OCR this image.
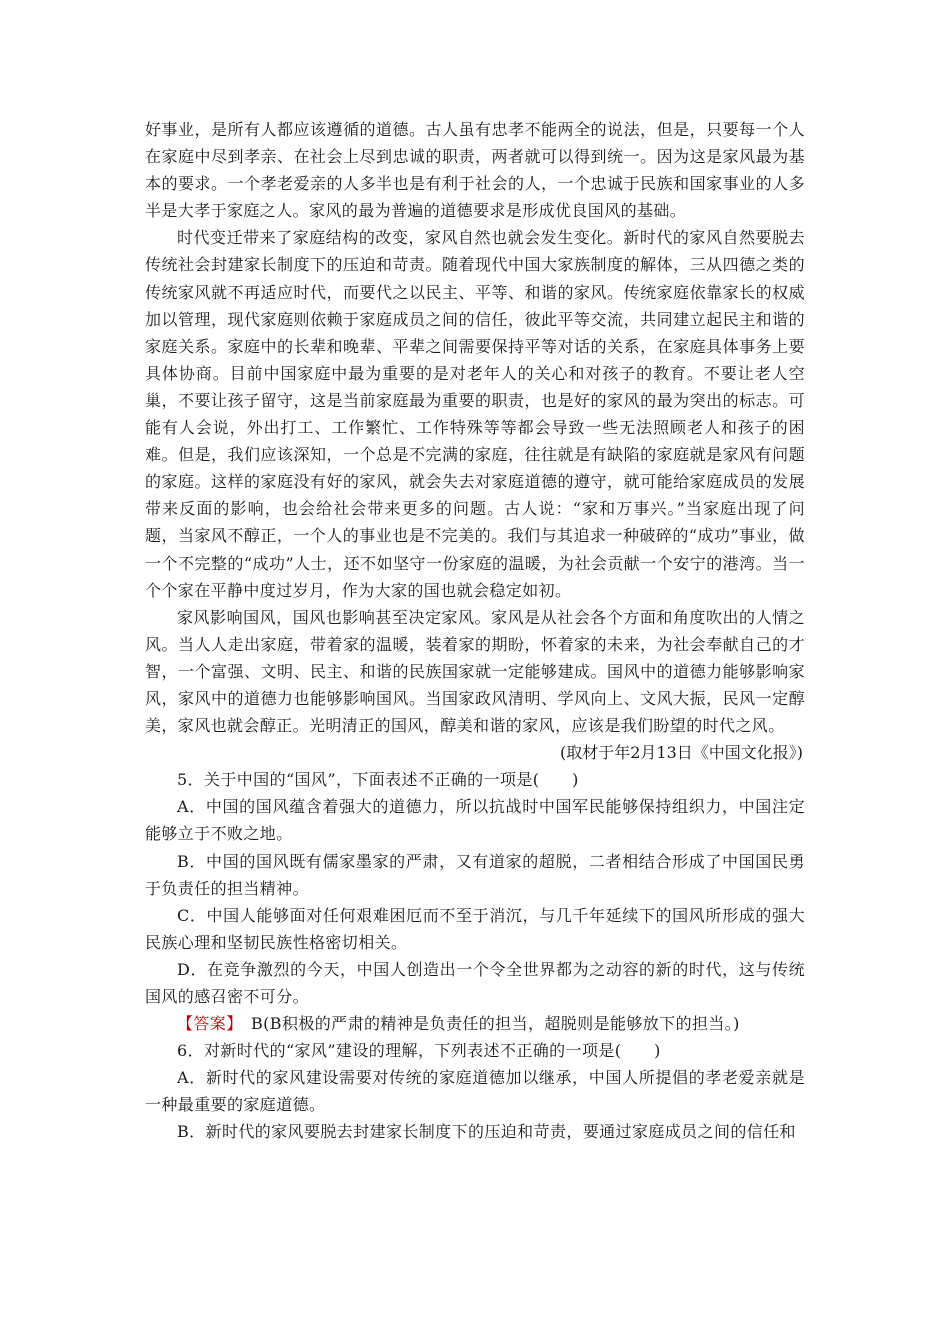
好事业，是所有人都应该遵循的道德。古人虽有忠孝不能两全的说法，但是，只要每一个人在家庭中尽到孝亲、在社会上尽到忠诚的职责，两者就可以得到统一。因为这是家风最为基本的要求。一个孝老爱亲的人多半也是有利于社会的人，一个忠诚于民族和国家事业的人多半是大孝于家庭之人。家风的最为普遍的道德要求是形成优良国风的基础。

时代变迁带来了家庭结构的改变，家风自然也就会发生变化。新时代的家风自然要脱去传统社会封建家长制度下的压迫和苛责。随着现代中国大家族制度的解体，三从四德之类的传统家风就不再适应时代，而要代之以民主、平等、和谐的家风。传统家庭依靠家长的权威加以管理，现代家庭则依赖于家庭成员之间的信任，彼此平等交流，共同建立起民主和谐的家庭关系。家庭中的长辈和晚辈、平辈之间需要保持平等对话的关系，在家庭具体事务上要具体协商。目前中国家庭中最为重要的是对老年人的关心和对孩子的教育。不要让老人空巢，不要让孩子留守，这是当前家庭最为重要的职责，也是好的家风的最为突出的标志。可能有人会说，外出打工、工作繁忙、工作特殊等等都会导致一些无法照顾老人和孩子的困难。但是，我们应该深知，一个总是不完满的家庭，往往就是有缺陷的家庭就是家风有问题的家庭。这样的家庭没有好的家风，就会失去对家庭道德的遵守，就可能给家庭成员的发展带来反面的影响，也会给社会带来更多的问题。古人说：“家和万事兴。”当家庭出现了问题，当家风不醇正，一个人的事业也是不完美的。我们与其追求一种破碎的“成功”事业，做一个不完整的“成功”人士，还不如坚守一份家庭的温暖，为社会贡献一个安宁的港湾。当一个个家在平静中度过岁月，作为大家的国也就会稳定如初。

家风影响国风，国风也影响甚至决定家风。家风是从社会各个方面和角度吹出的人情之风。当人人走出家庭，带着家的温暖，装着家的期盼，怀着家的未来，为社会奉献自己的才智，一个富强、文明、民主、和谐的民族国家就一定能够建成。国风中的道德力能够影响家风，家风中的道德力也能够影响国风。当国家政风清明、学风向上、文风大振，民风一定醇美，家风也就会醇正。光明清正的国风，醇美和谐的家风，应该是我们盼望的时代之风。

(取材于年2月13日《中国文化报》)

5．关于中国的“国风”，下面表述不正确的一项是(　　)

A．中国的国风蕴含着强大的道德力，所以抗战时中国军民能够保持组织力，中国注定能够立于不败之地。

B．中国的国风既有儒家墨家的严肃，又有道家的超脱，二者相结合形成了中国国民勇于负责任的担当精神。

C．中国人能够面对任何艰难困厄而不至于消沉，与几千年延续下的国风所形成的强大民族心理和坚韧民族性格密切相关。

D．在竞争激烈的今天，中国人创造出一个令全世界都为之动容的新的时代，这与传统国风的感召密不可分。

【答案】　B(B积极的严肃的精神是负责任的担当，超脱则是能够放下的担当。)

6．对新时代的“家风”建设的理解，下列表述不正确的一项是(　　)

A．新时代的家风建设需要对传统的家庭道德加以继承，中国人所提倡的孝老爱亲就是一种最重要的家庭道德。

B．新时代的家风要脱去封建家长制度下的压迫和苛责，要通过家庭成员之间的信任和
